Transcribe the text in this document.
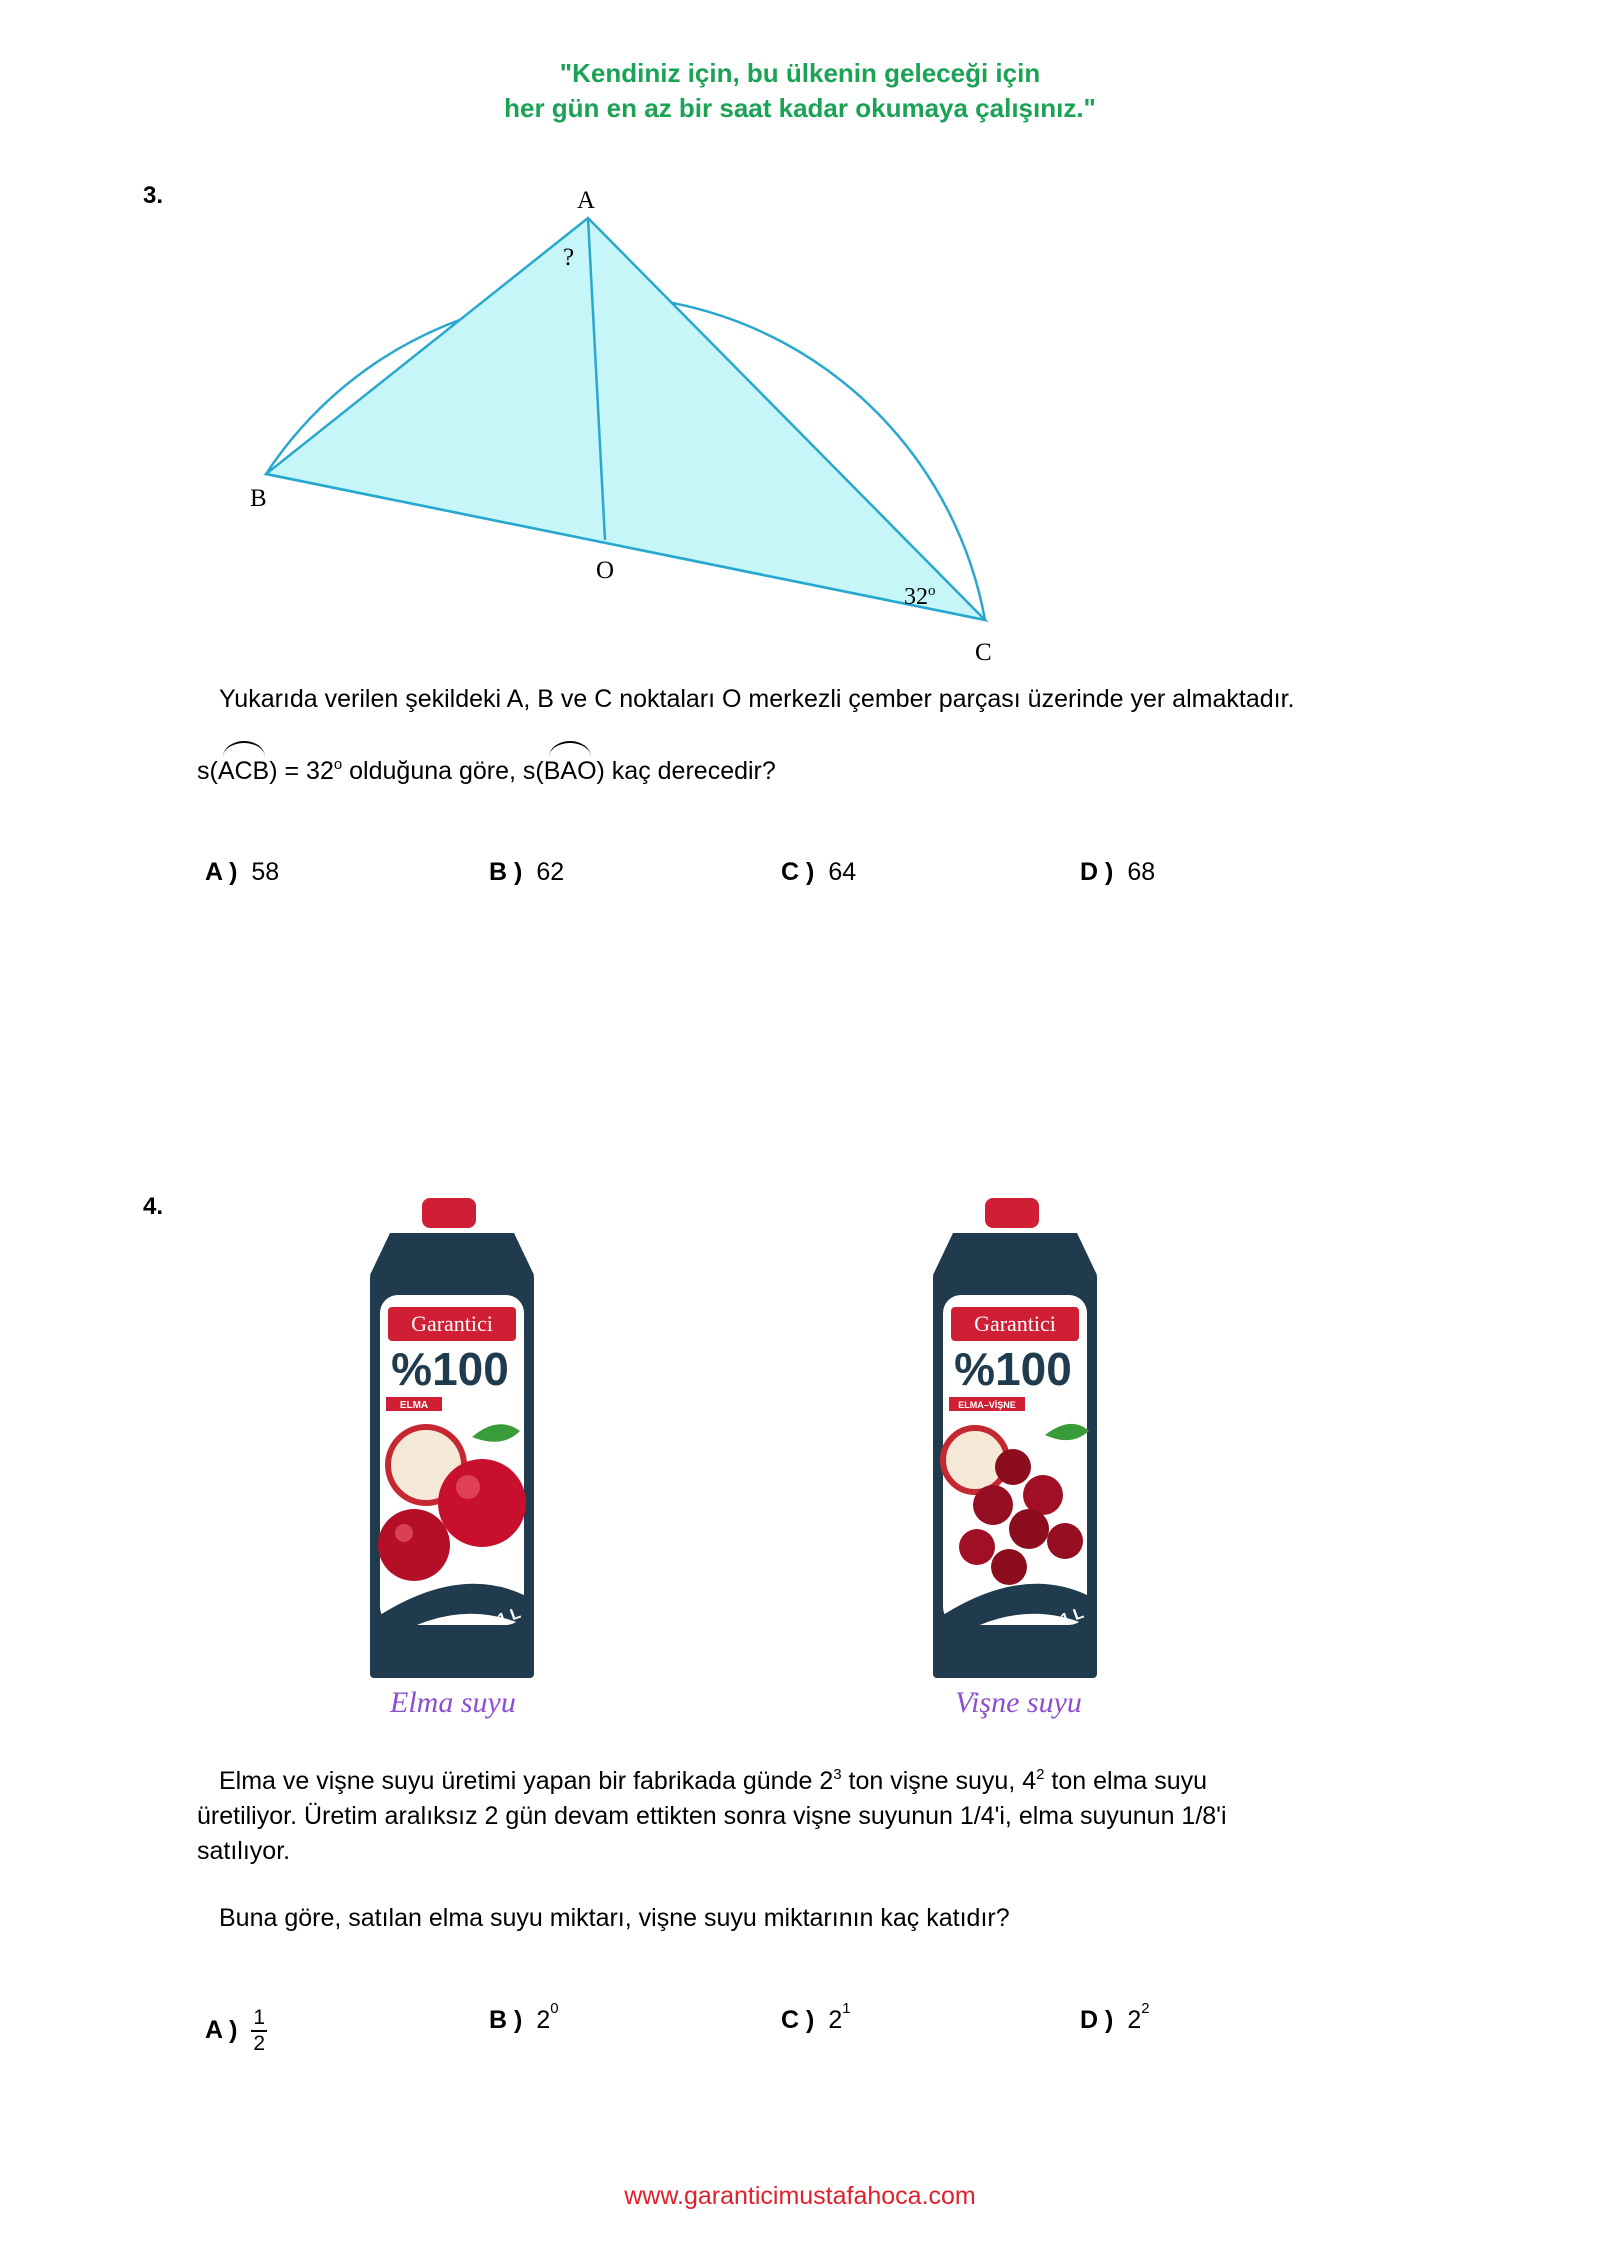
"Kendiniz için, bu ülkenin geleceği için
her gün en az bir saat kadar okumaya çalışınız."
3.	A
B
O
C
?
32$^o$
Yukarıda verilen şekildeki A, B ve C noktaları O merkezli çember parçası üzerinde yer almaktadır.
$s(ACB) = 32^o$ olduğuna göre, s(BAO) kaç derecedir?
A ) 58	B ) 62	C ) 64	D ) 68
4.
Garantici
%100
ELMA
1 L
Elma suyu
Garantici
%100
ELMA–VİŞNE
1 L
Vişne suyu
Elma ve vişne suyu üretimi yapan bir fabrikada günde $2^3$ ton vişne suyu, $4^2$ ton elma suyu
üretiliyor. Üretim aralıksız 2 gün devam ettikten sonra vişne suyunun 1/4'i, elma suyunun 1/8'i
satılıyor.
Buna göre, satılan elma suyu miktarı, vişne suyu miktarının kaç katıdır?
A ) $\frac{1}{2}$	B ) $2^0$	C ) $2^1$	D ) $2^2$
www.garanticimustafahoca.com
